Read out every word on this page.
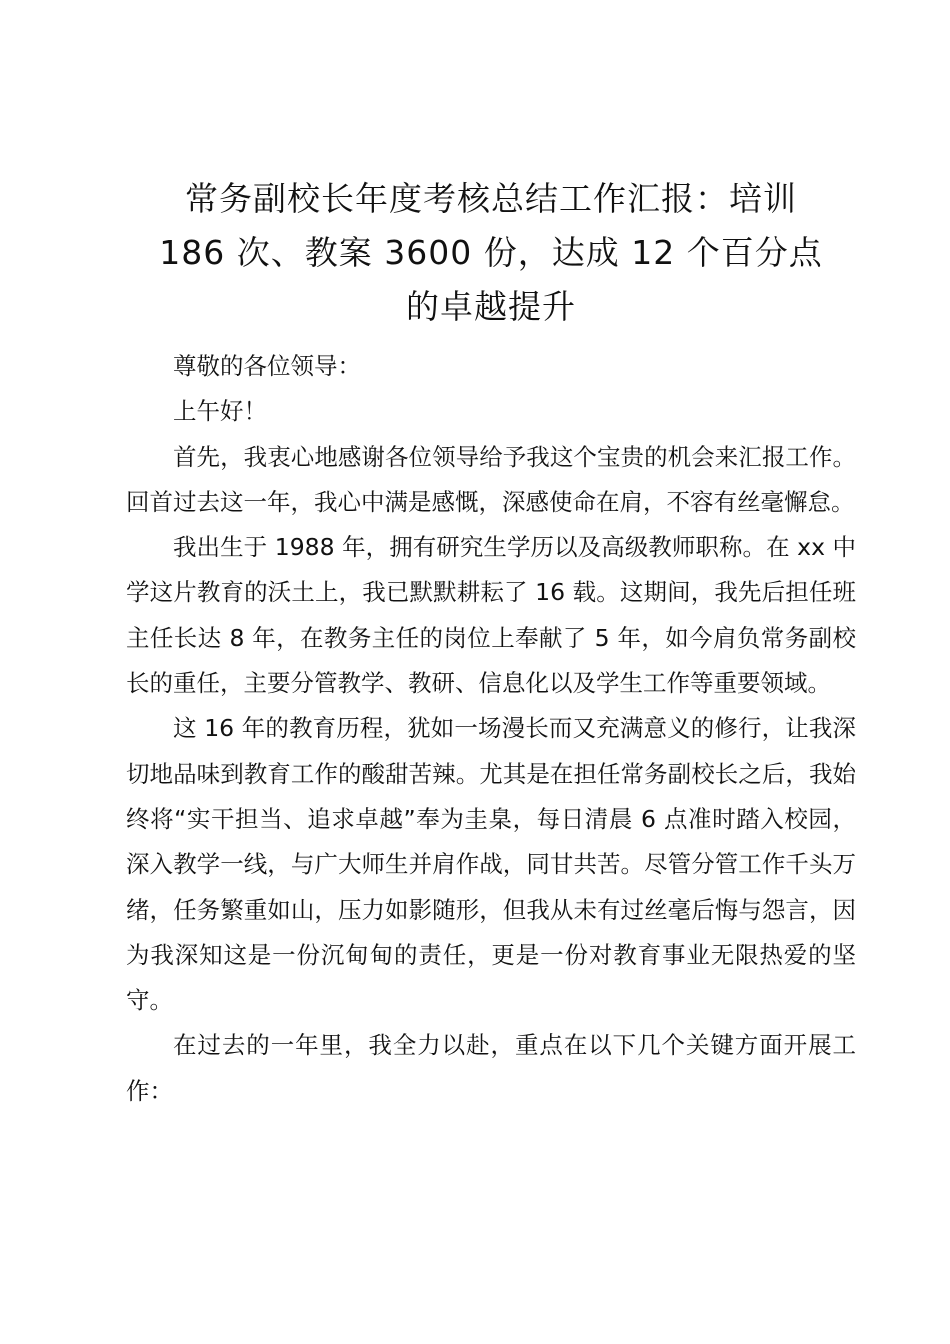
常务副校长年度考核总结工作汇报：培训
186 次、教案 3600 份，达成 12 个百分点
的卓越提升

尊敬的各位领导：

上午好！

首先，我衷心地感谢各位领导给予我这个宝贵的机会来汇报工作。回首过去这一年，我心中满是感慨，深感使命在肩，不容有丝毫懈怠。

我出生于 1988 年，拥有研究生学历以及高级教师职称。在 xx 中学这片教育的沃土上，我已默默耕耘了 16 载。这期间，我先后担任班主任长达 8 年，在教务主任的岗位上奉献了 5 年，如今肩负常务副校长的重任，主要分管教学、教研、信息化以及学生工作等重要领域。

这 16 年的教育历程，犹如一场漫长而又充满意义的修行，让我深切地品味到教育工作的酸甜苦辣。尤其是在担任常务副校长之后，我始终将“实干担当、追求卓越”奉为圭臬，每日清晨 6 点准时踏入校园，深入教学一线，与广大师生并肩作战，同甘共苦。尽管分管工作千头万绪，任务繁重如山，压力如影随形，但我从未有过丝毫后悔与怨言，因为我深知这是一份沉甸甸的责任，更是一份对教育事业无限热爱的坚守。

在过去的一年里，我全力以赴，重点在以下几个关键方面开展工作：
